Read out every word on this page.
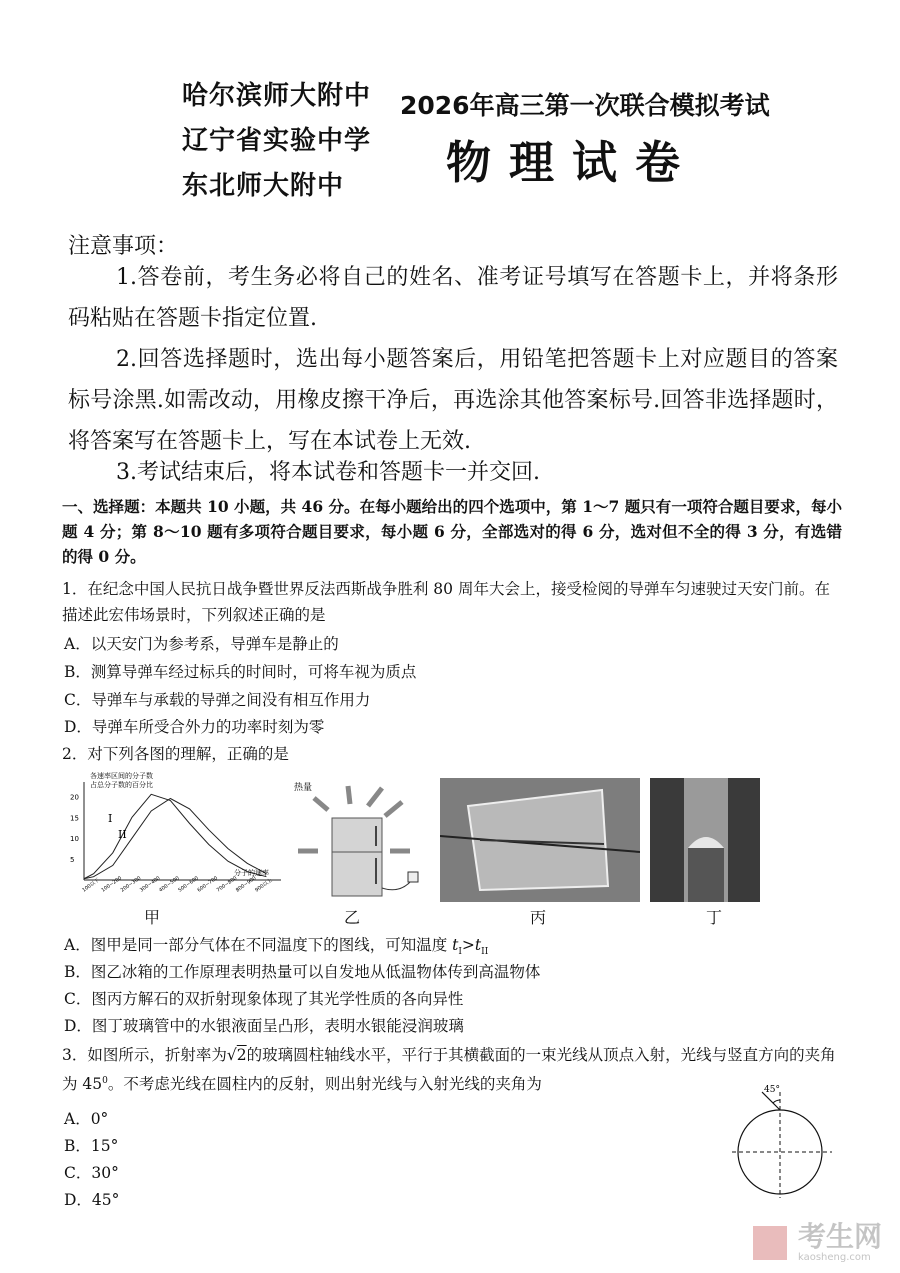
哈尔滨师大附中
辽宁省实验中学
东北师大附中
2026年高三第一次联合模拟考试
物理试卷
注意事项：
1.答卷前，考生务必将自己的姓名、准考证号填写在答题卡上，并将条形码粘贴在答题卡指定位置.
2.回答选择题时，选出每小题答案后，用铅笔把答题卡上对应题目的答案标号涂黑.如需改动，用橡皮擦干净后，再选涂其他答案标号.回答非选择题时，将答案写在答题卡上，写在本试卷上无效.
3.考试结束后，将本试卷和答题卡一并交回.
一、选择题：本题共 10 小题，共 46 分。在每小题给出的四个选项中，第 1～7 题只有一项符合题目要求，每小题 4 分；第 8～10 题有多项符合题目要求，每小题 6 分，全部选对的得 6 分，选对但不全的得 3 分，有选错的得 0 分。
1．在纪念中国人民抗日战争暨世界反法西斯战争胜利 80 周年大会上，接受检阅的导弹车匀速驶过天安门前。在描述此宏伟场景时，下列叙述正确的是
A．以天安门为参考系，导弹车是静止的
B．测算导弹车经过标兵的时间时，可将车视为质点
C．导弹车与承载的导弹之间没有相互作用力
D．导弹车所受合外力的功率时刻为零
2．对下列各图的理解，正确的是
各速率区间的分子数
占总分子数的百分比
20
15
10
5
100以下 100~200
200~300
300~400
400~500
500~600
600~700
700~800
800~900
900以上
I
II
分子的速率
热量
甲	乙	丙	丁
A．图甲是同一部分气体在不同温度下的图线，可知温度 $t_I>t_{II}$
B．图乙冰箱的工作原理表明热量可以自发地从低温物体传到高温物体
C．图丙方解石的双折射现象体现了其光学性质的各向异性
D．图丁玻璃管中的水银液面呈凸形，表明水银能浸润玻璃
3．如图所示，折射率为√2的玻璃圆柱轴线水平，平行于其横截面的一束光线从顶点入射，光线与竖直方向的夹角为 $45^0$。不考虑光线在圆柱内的反射，则出射光线与入射光线的夹角为
A．0°
B．15°
C．30°
D．45°
45°

考生网
kaosheng.com
